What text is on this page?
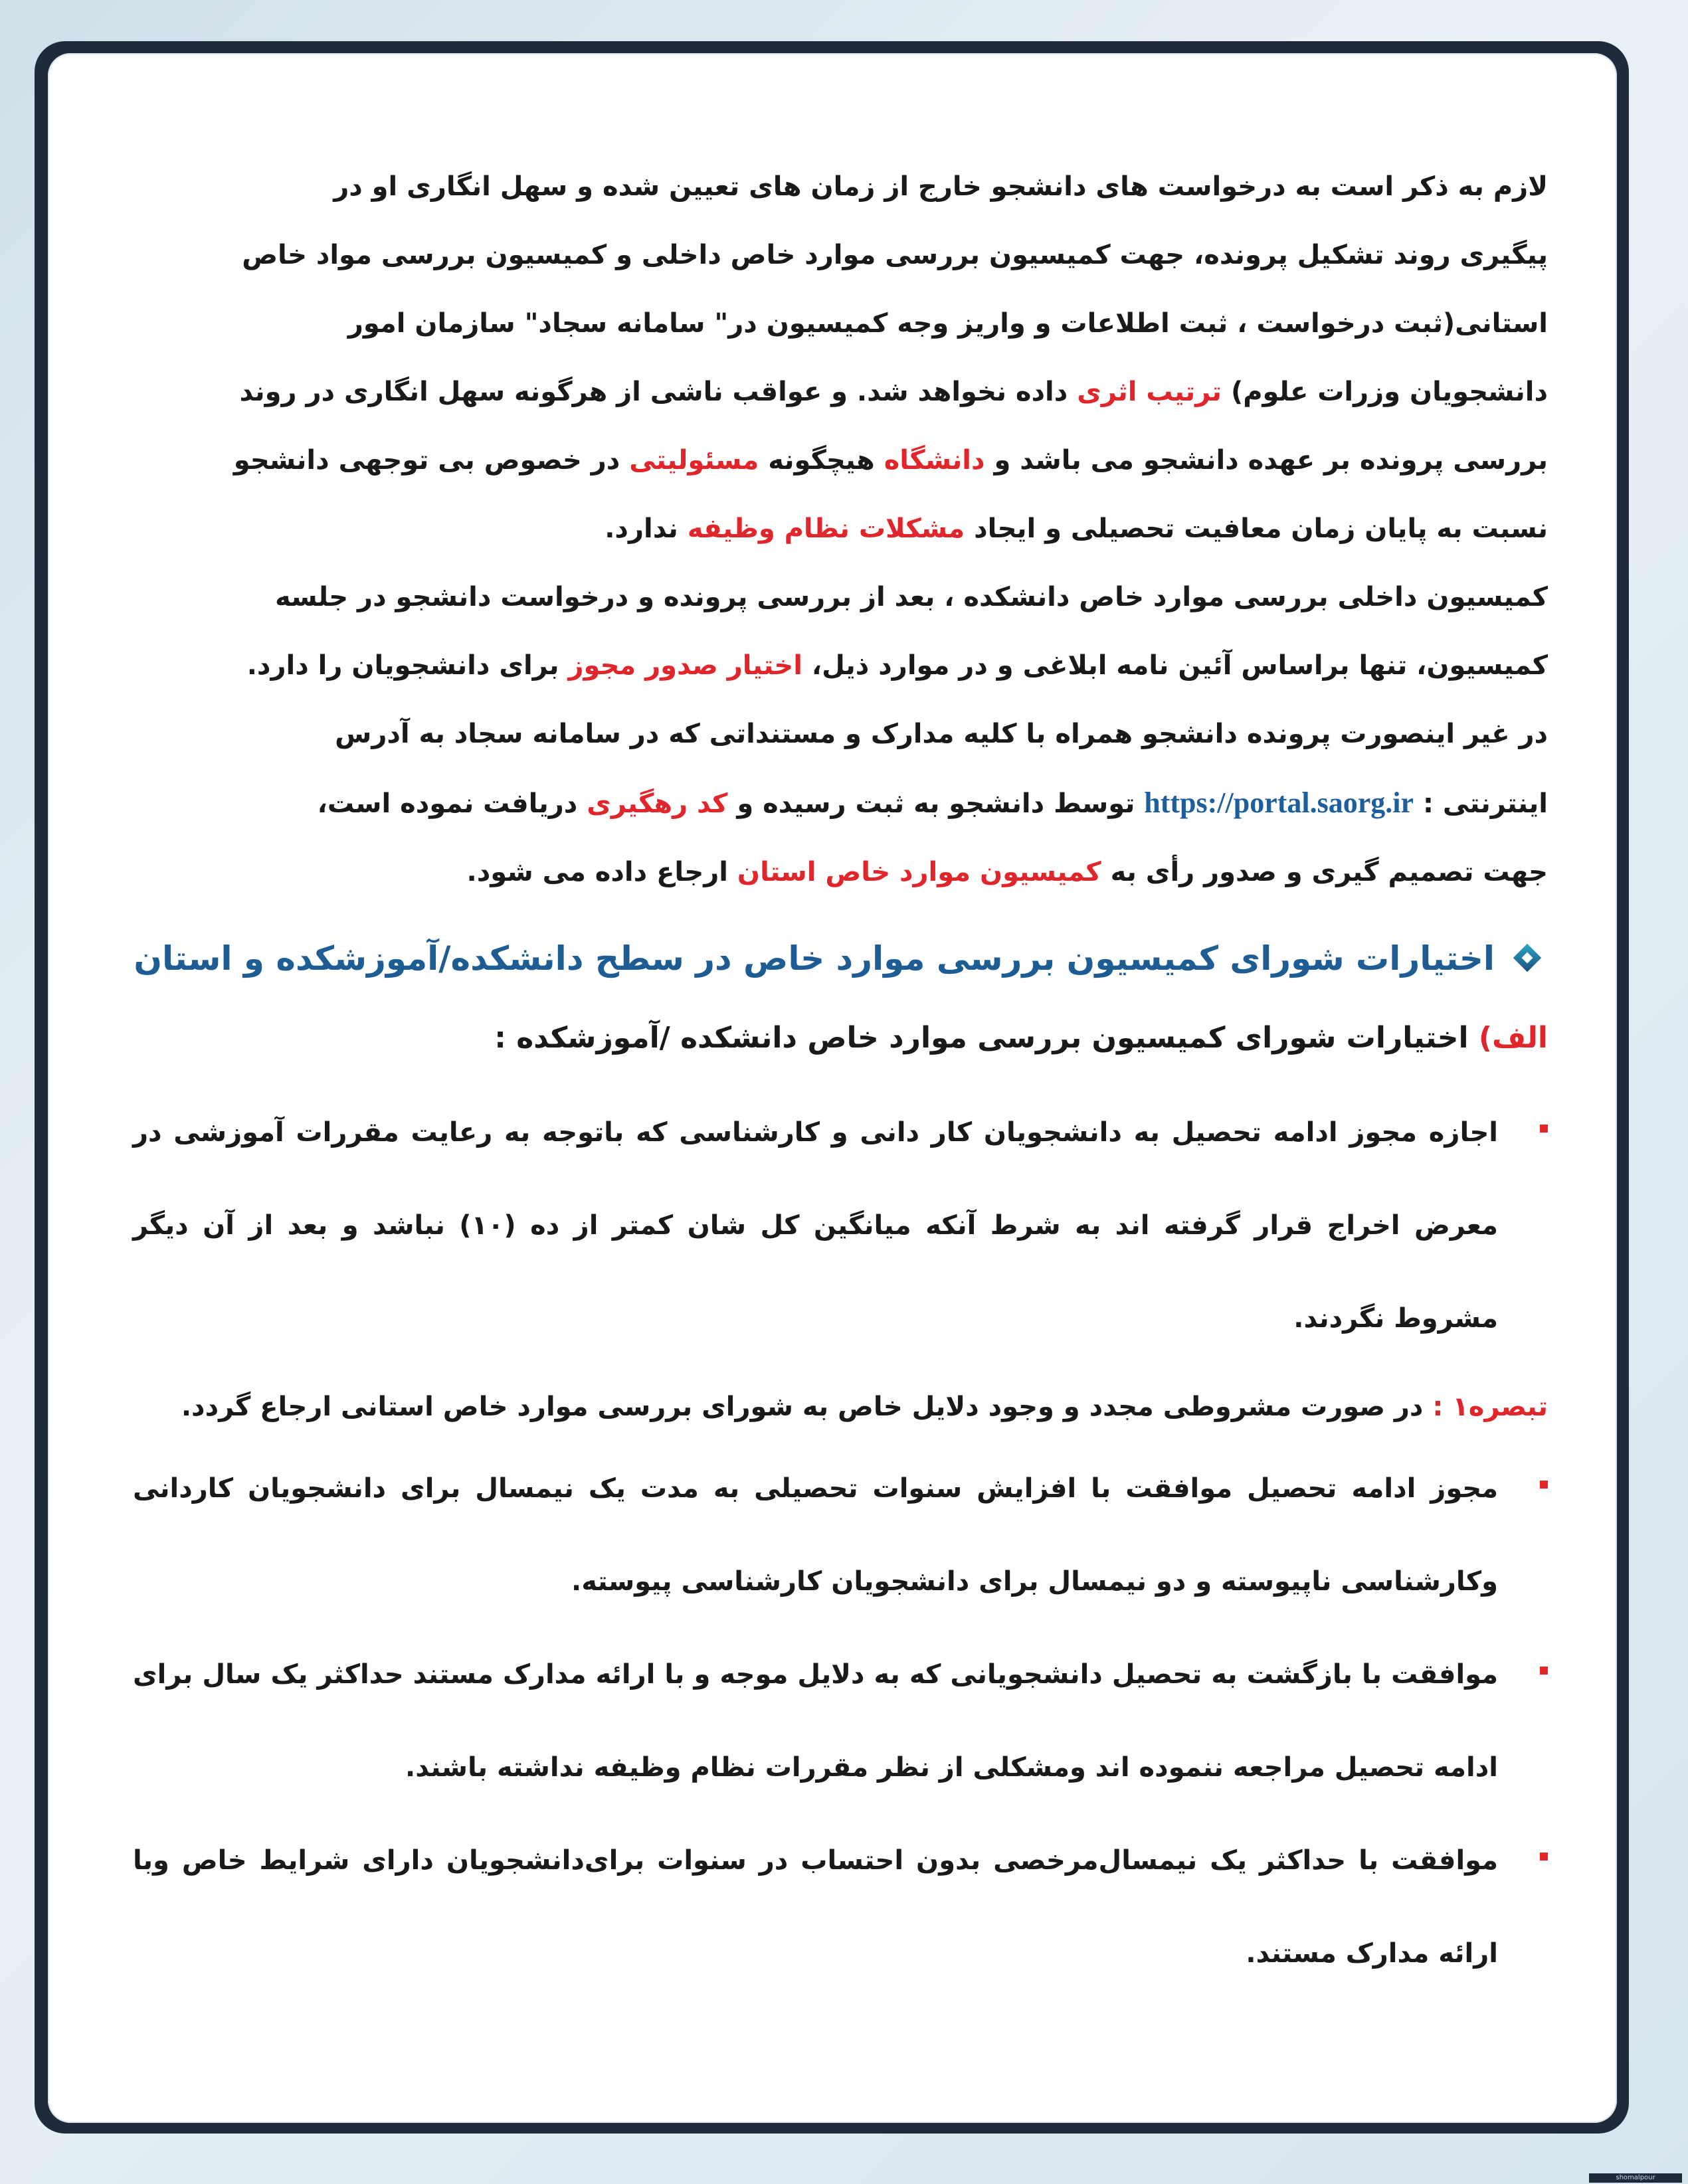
لازم به ذکر است به درخواست های دانشجو خارج از زمان های تعیین شده و سهل انگاری او در

پیگیری روند تشکیل پرونده، جهت کمیسیون بررسی موارد خاص داخلی و کمیسیون بررسی مواد خاص

استانی(ثبت درخواست ، ثبت اطلاعات و واریز وجه کمیسیون در" سامانه سجاد" سازمان امور

دانشجویان وزرات علوم) ترتیب اثری داده نخواهد شد. و عواقب ناشی از هرگونه سهل انگاری در روند

بررسی پرونده بر عهده دانشجو می باشد و دانشگاه هیچگونه مسئولیتی در خصوص بی توجهی دانشجو

نسبت به پایان زمان معافیت تحصیلی و ایجاد مشکلات نظام وظیفه ندارد.

کمیسیون داخلی بررسی موارد خاص دانشکده ، بعد از بررسی پرونده و درخواست دانشجو در جلسه

کمیسیون، تنها براساس آئین نامه ابلاغی و در موارد ذیل، اختیار صدور مجوز برای دانشجویان را دارد.

در غیر اینصورت پرونده دانشجو همراه با کلیه مدارک و مستنداتی که در سامانه سجاد به آدرس

اینترنتی : https://portal.saorg.ir توسط دانشجو به ثبت رسیده و کد رهگیری دریافت نموده است،

جهت تصمیم گیری و صدور رأی به کمیسیون موارد خاص استان ارجاع داده می شود.

اختیارات شورای کمیسیون بررسی موارد خاص در سطح دانشکده/آموزشکده و استان
الف) اختیارات شورای کمیسیون بررسی موارد خاص دانشکده /آموزشکده :
اجازه مجوز ادامه تحصیل به دانشجویان کار دانی و کارشناسی که باتوجه به رعایت مقررات آموزشی در معرض اخراج قرار گرفته اند به شرط آنکه میانگین کل شان کمتر از ده (۱۰) نباشد و بعد از آن دیگر مشروط نگردند.
تبصره۱ : در صورت مشروطی مجدد و وجود دلایل خاص به شورای بررسی موارد خاص استانی ارجاع گردد.
مجوز ادامه تحصیل موافقت با افزایش سنوات تحصیلی به مدت یک نیمسال برای دانشجویان کاردانی وکارشناسی ناپیوسته و دو نیمسال برای دانشجویان کارشناسی پیوسته.
موافقت با بازگشت به تحصیل دانشجویانی که به دلایل موجه و با ارائه مدارک مستند حداکثر یک سال برای ادامه تحصیل مراجعه ننموده اند ومشکلی از نظر مقررات نظام وظیفه نداشته باشند.
موافقت با حداکثر یک نیمسال‌مرخصی بدون احتساب در سنوات برای‌دانشجویان دارای شرایط خاص وبا ارائه مدارک مستند.
shomalpour
